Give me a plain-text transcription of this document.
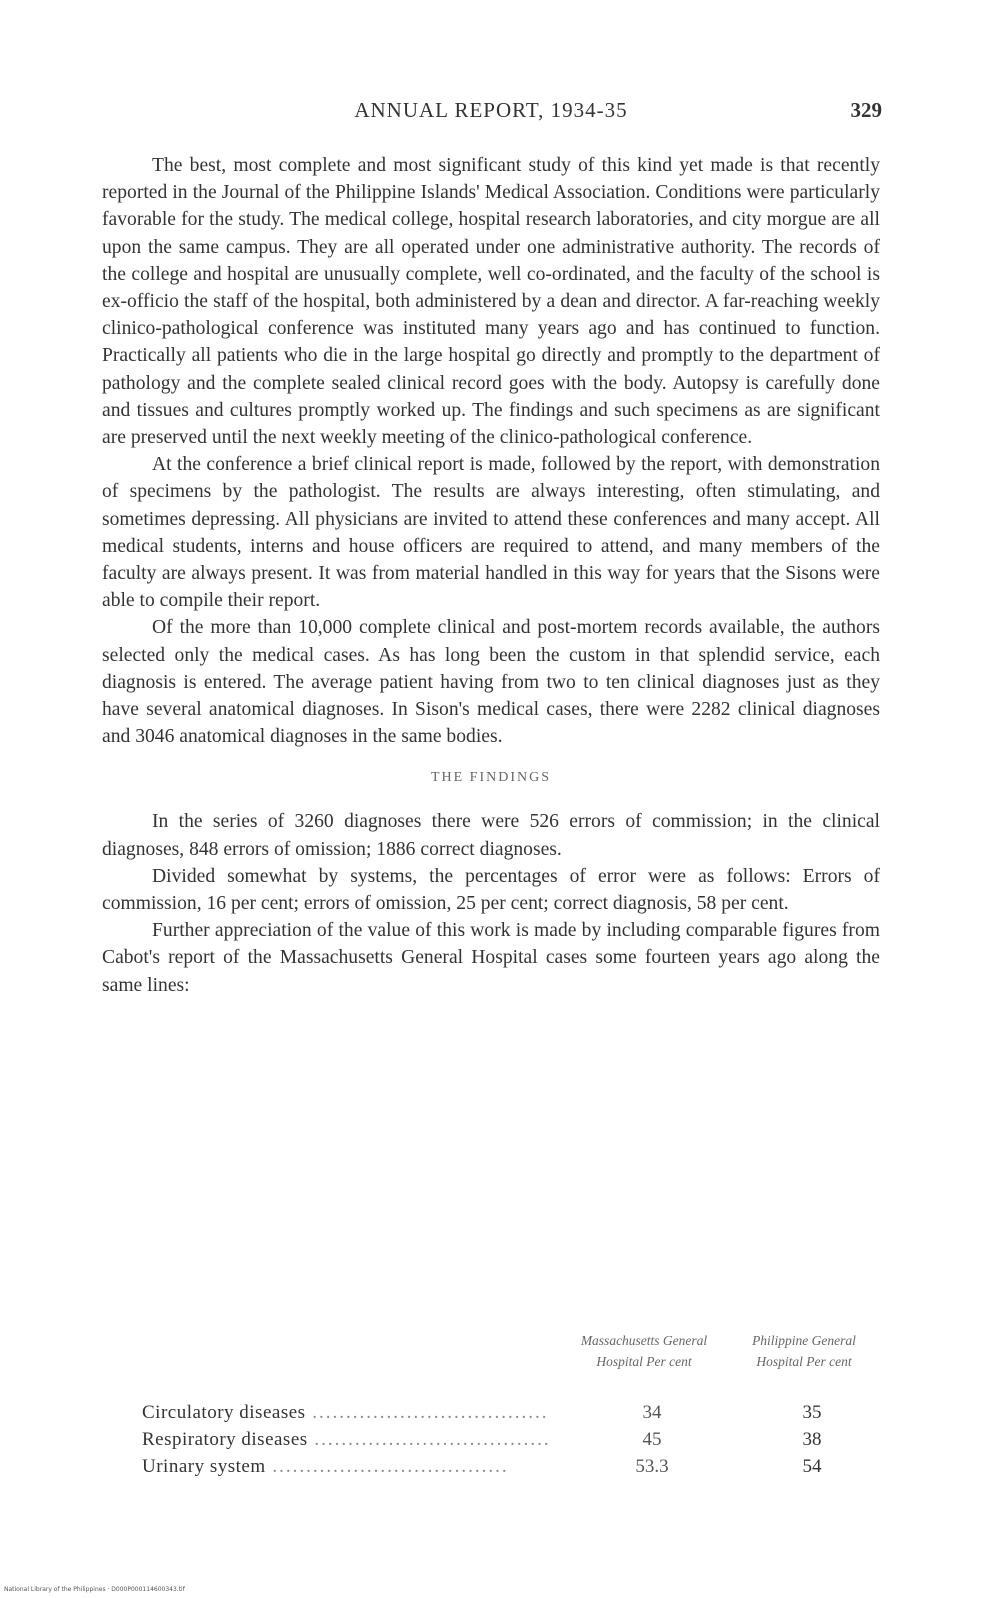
ANNUAL REPORT, 1934-35	329

The best, most complete and most significant study of this kind yet made is that recently reported in the Journal of the Philippine Islands' Medical Association. Conditions were particularly favorable for the study. The medical college, hospital research laboratories, and city morgue are all upon the same campus. They are all operated under one administrative authority. The records of the college and hospital are unusually complete, well co-ordinated, and the faculty of the school is ex-officio the staff of the hospital, both administered by a dean and director. A far-reaching weekly clinico-pathological conference was instituted many years ago and has continued to function. Practically all patients who die in the large hospital go directly and promptly to the department of pathology and the complete sealed clinical record goes with the body. Autopsy is carefully done and tissues and cultures promptly worked up. The findings and such specimens as are significant are preserved until the next weekly meeting of the clinico-pathological conference.

At the conference a brief clinical report is made, followed by the report, with demonstration of specimens by the pathologist. The results are always interesting, often stimulating, and sometimes depressing. All physicians are invited to attend these conferences and many accept. All medical students, interns and house officers are required to attend, and many members of the faculty are always present. It was from material handled in this way for years that the Sisons were able to compile their report.

Of the more than 10,000 complete clinical and post-mortem records available, the authors selected only the medical cases. As has long been the custom in that splendid service, each diagnosis is entered. The average patient having from two to ten clinical diagnoses just as they have several anatomical diagnoses. In Sison's medical cases, there were 2282 clinical diagnoses and 3046 anatomical diagnoses in the same bodies.

THE FINDINGS

In the series of 3260 diagnoses there were 526 errors of commission; in the clinical diagnoses, 848 errors of omission; 1886 correct diagnoses.

Divided somewhat by systems, the percentages of error were as follows: Errors of commission, 16 per cent; errors of omission, 25 per cent; correct diagnosis, 58 per cent.

Further appreciation of the value of this work is made by including comparable figures from Cabot's report of the Massachusetts General Hospital cases some fourteen years ago along the same lines:

Massachusetts General Hospital Per cent
Philippine General Hospital Per cent
Circulatory diseases ...................................	34	35
Respiratory diseases ...................................	45	38
Urinary system ...................................	53.3	54
National Library of the Philippines · D000P000114600343.tif
